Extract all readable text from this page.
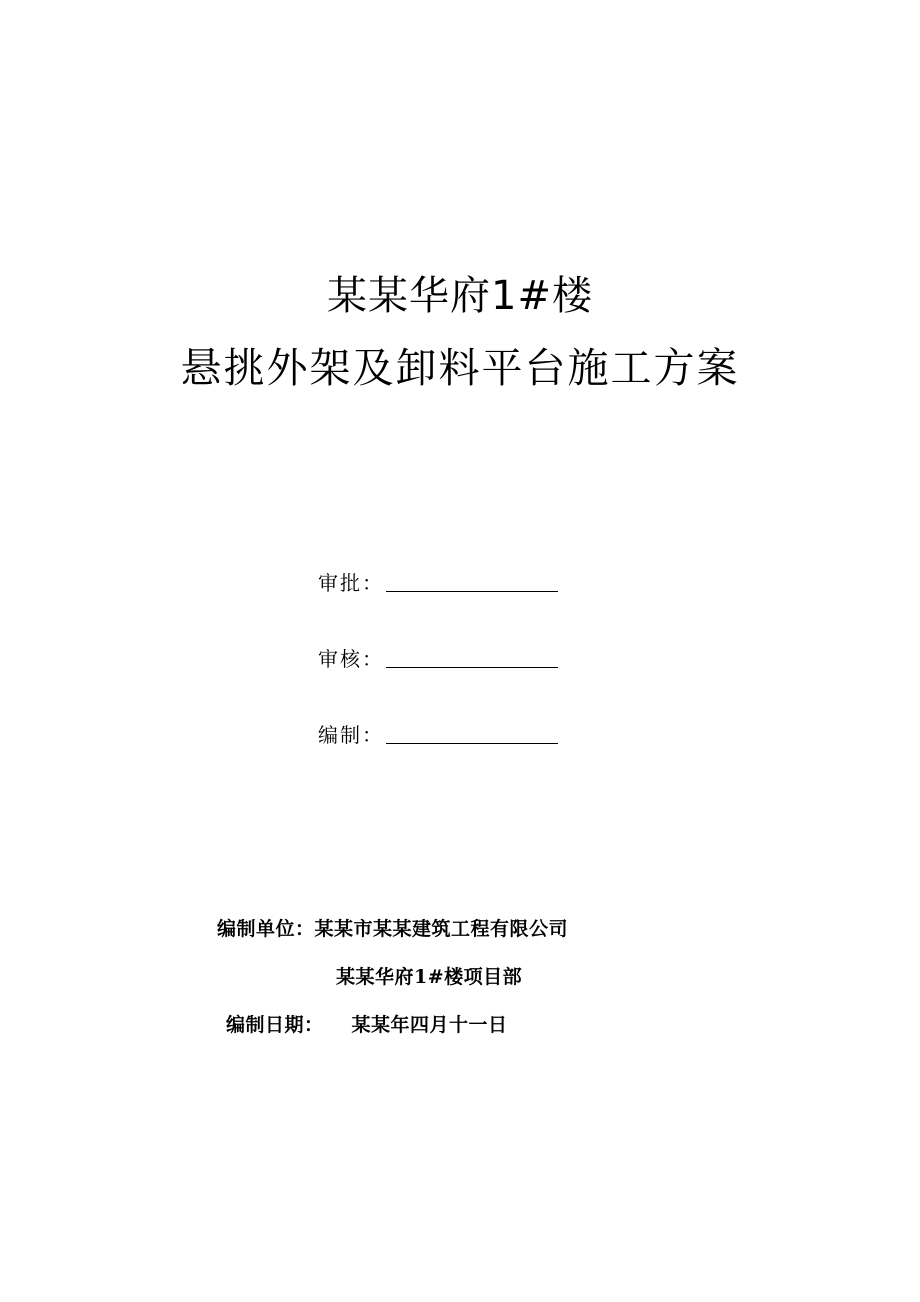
某某华府1#楼
悬挑外架及卸料平台施工方案
审批：
审核：
编制：
编制单位：某某市某某建筑工程有限公司
某某华府1#楼项目部
编制日期： 某某年四月十一日
